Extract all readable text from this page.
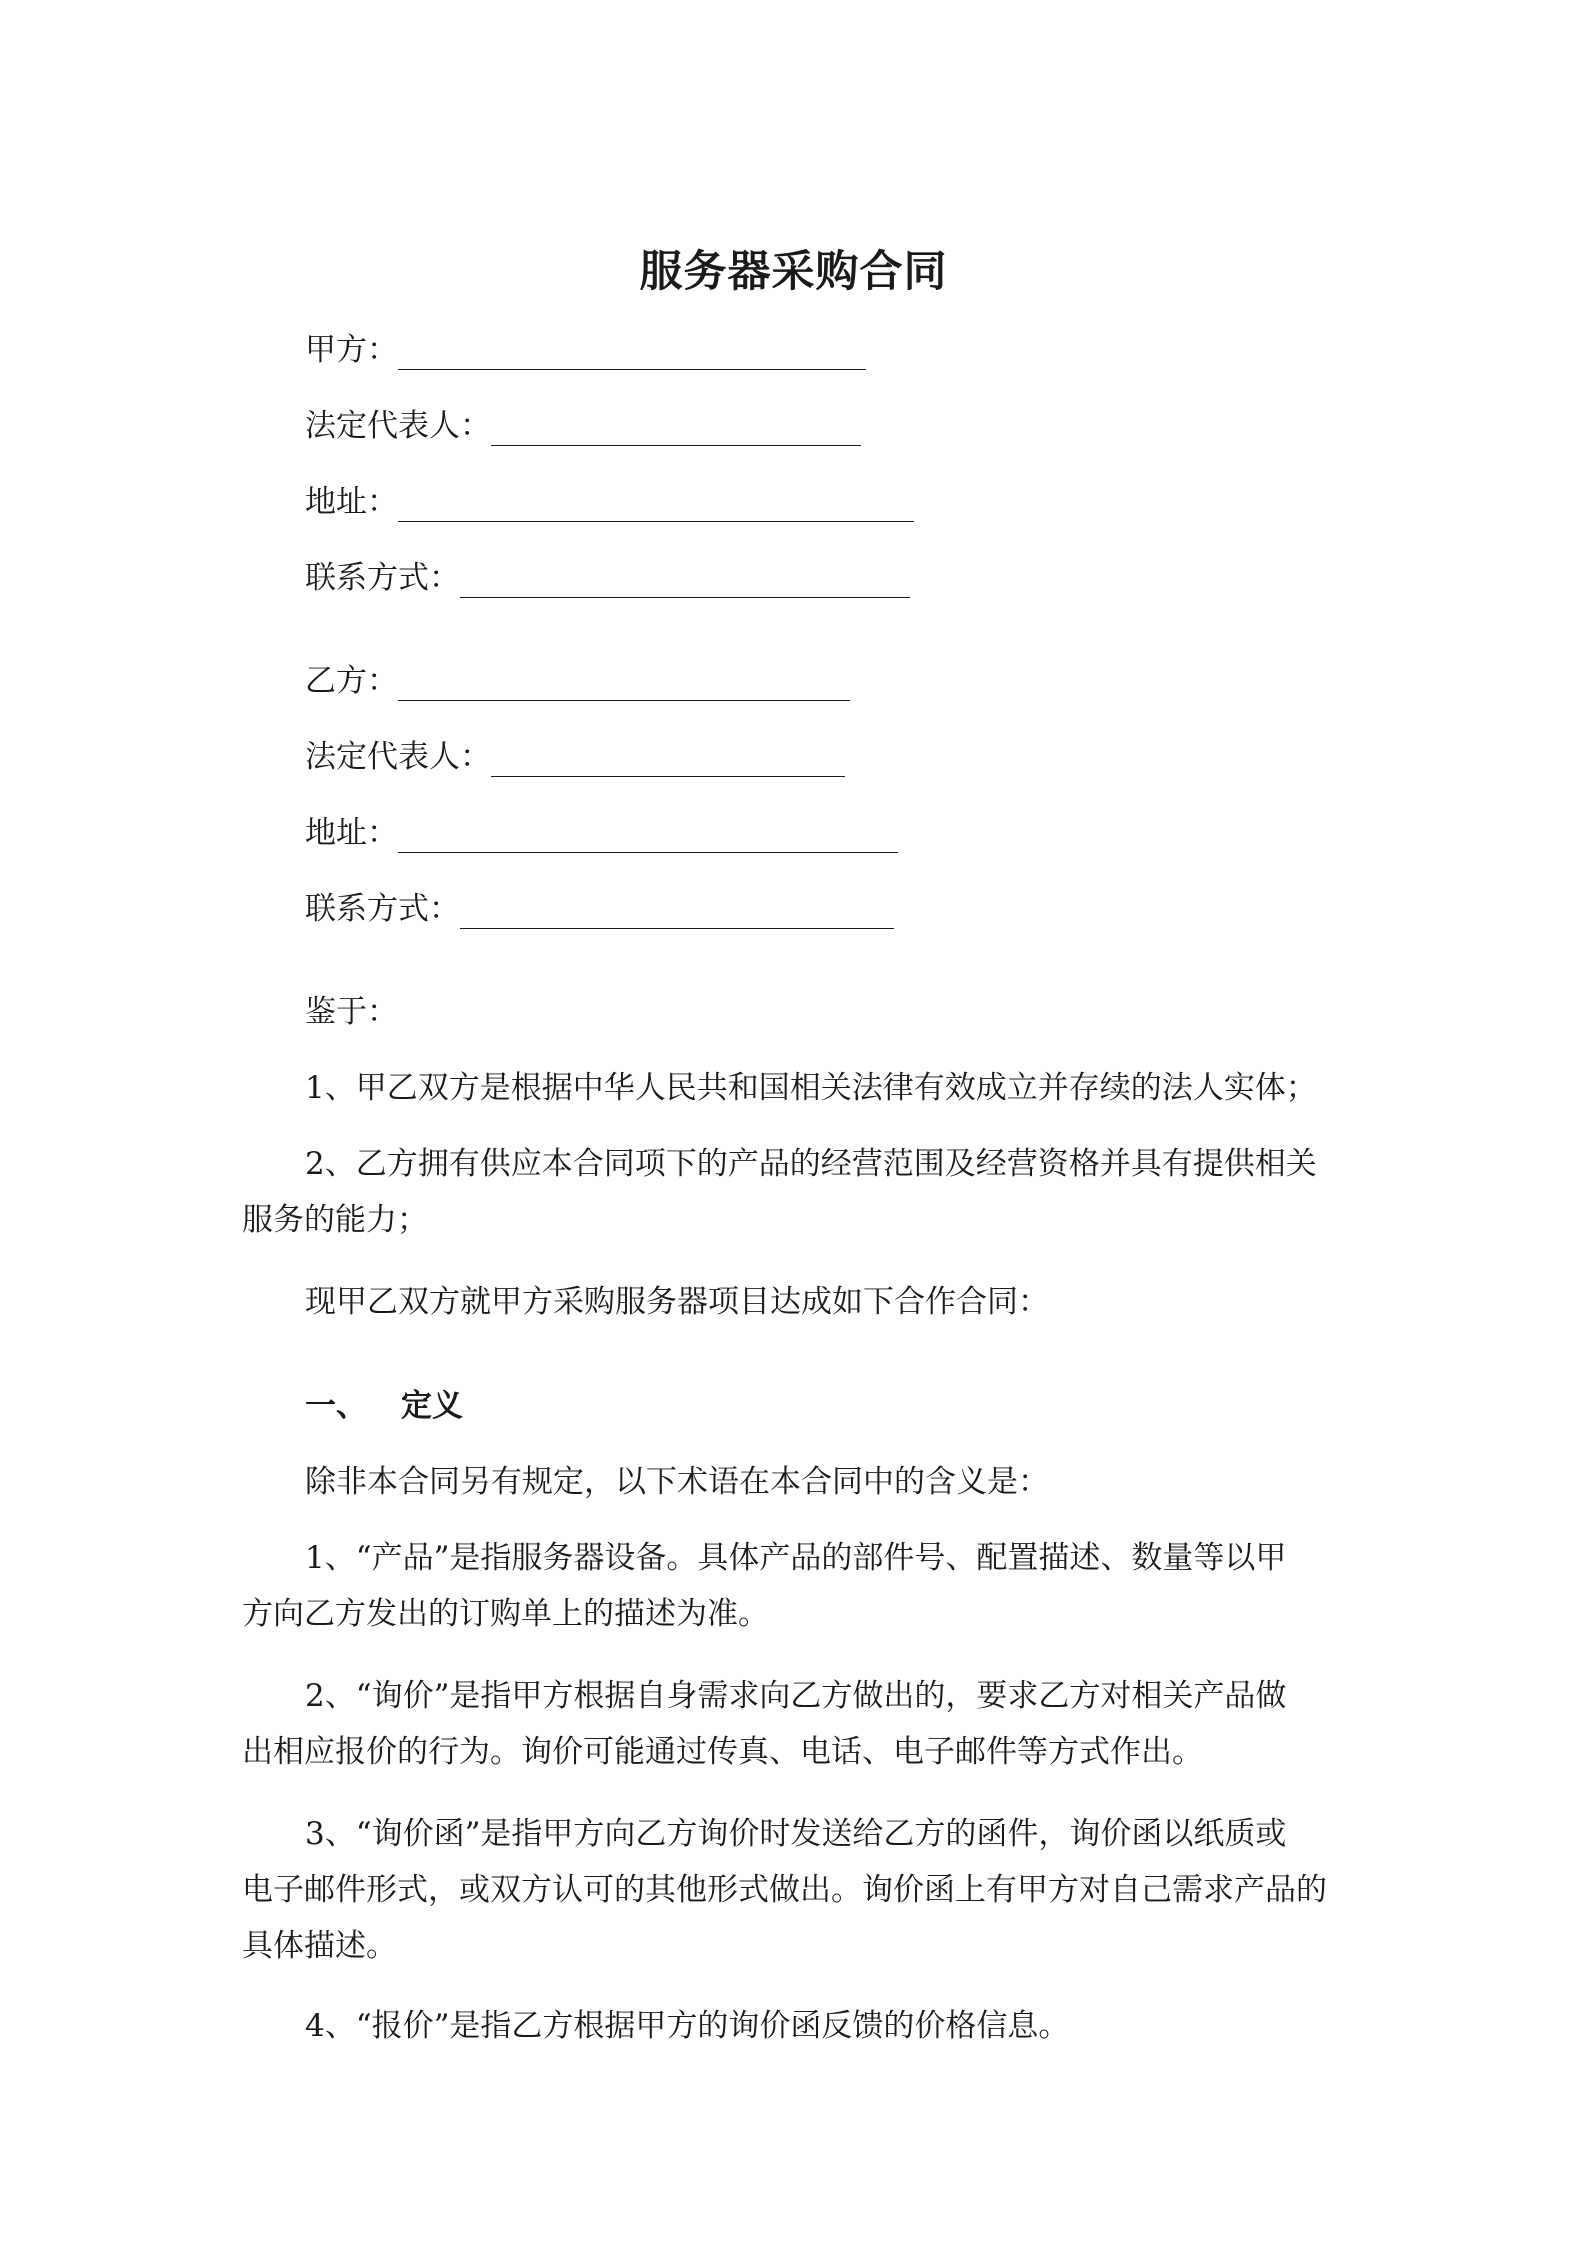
服务器采购合同
甲方：
法定代表人：
地址：
联系方式：
乙方：
法定代表人：
地址：
联系方式：
鉴于：
1、甲乙双方是根据中华人民共和国相关法律有效成立并存续的法人实体；
2、乙方拥有供应本合同项下的产品的经营范围及经营资格并具有提供相关
服务的能力；
现甲乙双方就甲方采购服务器项目达成如下合作合同：
一、 定义
除非本合同另有规定，以下术语在本合同中的含义是：
1、“产品”是指服务器设备。具体产品的部件号、配置描述、数量等以甲
方向乙方发出的订购单上的描述为准。
2、“询价”是指甲方根据自身需求向乙方做出的，要求乙方对相关产品做
出相应报价的行为。询价可能通过传真、电话、电子邮件等方式作出。
3、“询价函”是指甲方向乙方询价时发送给乙方的函件，询价函以纸质或
电子邮件形式，或双方认可的其他形式做出。询价函上有甲方对自己需求产品的
具体描述。
4、“报价”是指乙方根据甲方的询价函反馈的价格信息。
